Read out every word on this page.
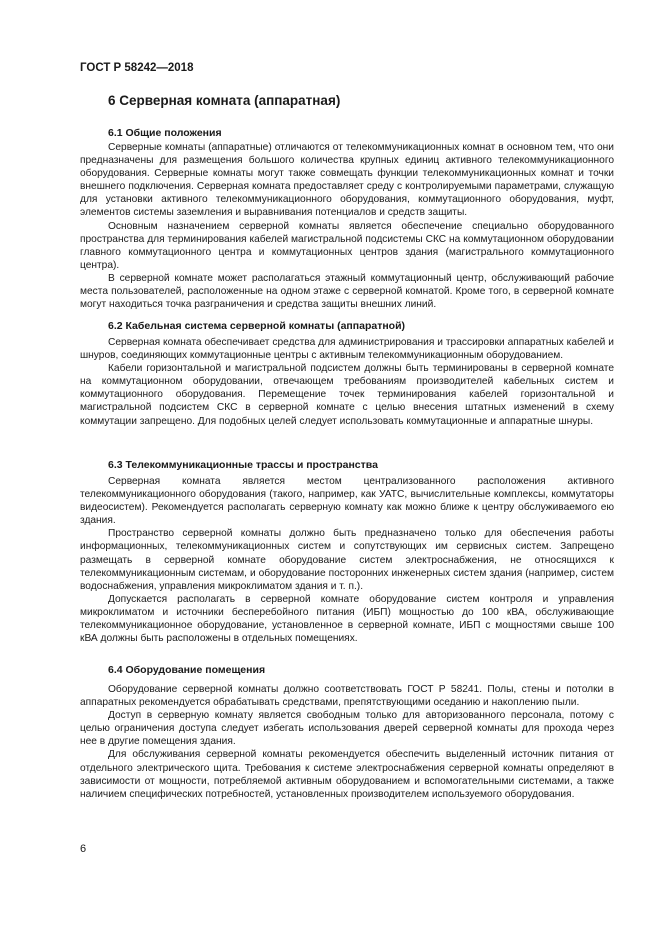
ГОСТ Р 58242—2018
6 Серверная комната (аппаратная)
6.1 Общие положения

Серверные комнаты (аппаратные) отличаются от телекоммуникационных комнат в основном тем, что они предназначены для размещения большого количества крупных единиц активного телекоммуникационного оборудования. Серверные комнаты могут также совмещать функции телекоммуникационных комнат и точки внешнего подключения. Серверная комната предоставляет среду с контролируемыми параметрами, служащую для установки активного телекоммуникационного оборудования, коммутационного оборудования, муфт, элементов системы заземления и выравнивания потенциалов и средств защиты.

Основным назначением серверной комнаты является обеспечение специально оборудованного пространства для терминирования кабелей магистральной подсистемы СКС на коммутационном оборудовании главного коммутационного центра и коммутационных центров здания (магистрального коммутационного центра).

В серверной комнате может располагаться этажный коммутационный центр, обслуживающий рабочие места пользователей, расположенные на одном этаже с серверной комнатой. Кроме того, в серверной комнате могут находиться точка разграничения и средства защиты внешних линий.

6.2 Кабельная система серверной комнаты (аппаратной)

Серверная комната обеспечивает средства для администрирования и трассировки аппаратных кабелей и шнуров, соединяющих коммутационные центры с активным телекоммуникационным оборудованием.

Кабели горизонтальной и магистральной подсистем должны быть терминированы в серверной комнате на коммутационном оборудовании, отвечающем требованиям производителей кабельных систем и коммутационного оборудования. Перемещение точек терминирования кабелей горизонтальной и магистральной подсистем СКС в серверной комнате с целью внесения штатных изменений в схему коммутации запрещено. Для подобных целей следует использовать коммутационные и аппаратные шнуры.

6.3 Телекоммуникационные трассы и пространства

Серверная комната является местом централизованного расположения активного телекоммуникационного оборудования (такого, например, как УАТС, вычислительные комплексы, коммутаторы видеосистем). Рекомендуется располагать серверную комнату как можно ближе к центру обслуживаемого ею здания.

Пространство серверной комнаты должно быть предназначено только для обеспечения работы информационных, телекоммуникационных систем и сопутствующих им сервисных систем. Запрещено размещать в серверной комнате оборудование систем электроснабжения, не относящихся к телекоммуникационным системам, и оборудование посторонних инженерных систем здания (например, систем водоснабжения, управления микроклиматом здания и т. п.).

Допускается располагать в серверной комнате оборудование систем контроля и управления микроклиматом и источники бесперебойного питания (ИБП) мощностью до 100 кВА, обслуживающие телекоммуникационное оборудование, установленное в серверной комнате, ИБП с мощностями свыше 100 кВА должны быть расположены в отдельных помещениях.

6.4 Оборудование помещения

Оборудование серверной комнаты должно соответствовать ГОСТ Р 58241. Полы, стены и потолки в аппаратных рекомендуется обрабатывать средствами, препятствующими оседанию и накоплению пыли.

Доступ в серверную комнату является свободным только для авторизованного персонала, потому с целью ограничения доступа следует избегать использования дверей серверной комнаты для прохода через нее в другие помещения здания.

Для обслуживания серверной комнаты рекомендуется обеспечить выделенный источник питания от отдельного электрического щита. Требования к системе электроснабжения серверной комнаты определяют в зависимости от мощности, потребляемой активным оборудованием и вспомогательными системами, а также наличием специфических потребностей, установленных производителем используемого оборудования.

6
